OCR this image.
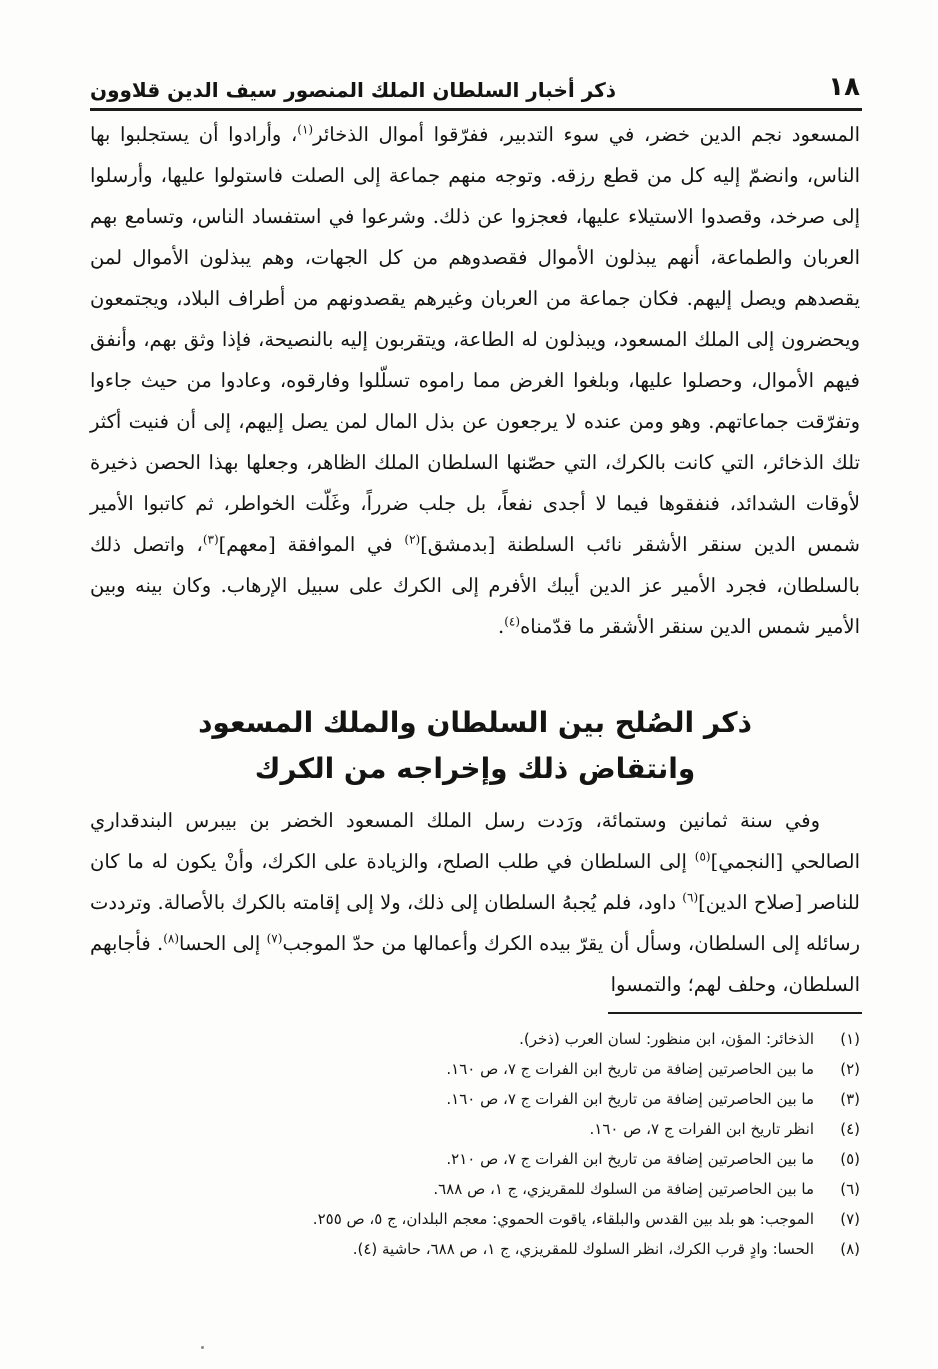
١٨
ذكر أخبار السلطان الملك المنصور سيف الدين قلاوون

المسعود نجم الدين خضر، في سوء التدبير، ففرّقوا أموال الذخائر$^{(١)}$، وأرادوا أن يستجلبوا بها الناس، وانضمّ إليه كل من قطع رزقه. وتوجه منهم جماعة إلى الصلت فاستولوا عليها، وأرسلوا إلى صرخد، وقصدوا الاستيلاء عليها، فعجزوا عن ذلك. وشرعوا في استفساد الناس، وتسامع بهم العربان والطماعة، أنهم يبذلون الأموال فقصدوهم من كل الجهات، وهم يبذلون الأموال لمن يقصدهم ويصل إليهم. فكان جماعة من العربان وغيرهم يقصدونهم من أطراف البلاد، ويجتمعون ويحضرون إلى الملك المسعود، ويبذلون له الطاعة، ويتقربون إليه بالنصيحة، فإذا وثق بهم، وأنفق فيهم الأموال، وحصلوا عليها، وبلغوا الغرض مما راموه تسلّلوا وفارقوه، وعادوا من حيث جاءوا وتفرّقت جماعاتهم. وهو ومن عنده لا يرجعون عن بذل المال لمن يصل إليهم، إلى أن فنيت أكثر تلك الذخائر، التي كانت بالكرك، التي حصّنها السلطان الملك الظاهر، وجعلها بهذا الحصن ذخيرة لأوقات الشدائد، فنفقوها فيما لا أجدى نفعاً، بل جلب ضرراً، وغَلّت الخواطر، ثم كاتبوا الأمير شمس الدين سنقر الأشقر نائب السلطنة [بدمشق]$^{(٢)}$ في الموافقة [معهم]$^{(٣)}$، واتصل ذلك بالسلطان، فجرد الأمير عز الدين أيبك الأفرم إلى الكرك على سبيل الإرهاب. وكان بينه وبين الأمير شمس الدين سنقر الأشقر ما قدّمناه$^{(٤)}$.

ذكر الصُلح بين السلطان والملك المسعود
وانتقاض ذلك وإخراجه من الكرك

وفي سنة ثمانين وستمائة، ورَدت رسل الملك المسعود الخضر بن بيبرس البندقداري الصالحي [النجمي]$^{(٥)}$ إلى السلطان في طلب الصلح، والزيادة على الكرك، وأنْ يكون له ما كان للناصر [صلاح الدين]$^{(٦)}$ داود، فلم يُجبهُ السلطان إلى ذلك، ولا إلى إقامته بالكرك بالأصالة. وترددت رسائله إلى السلطان، وسأل أن يقرّ بيده الكرك وأعمالها من حدّ الموجب$^{(٧)}$ إلى الحسا$^{(٨)}$. فأجابهم السلطان، وحلف لهم؛ والتمسوا

(١)
الذخائر: المؤن، ابن منظور: لسان العرب (ذخر).
(٢)
ما بين الحاصرتين إضافة من تاريخ ابن الفرات ج ٧، ص ١٦٠.
(٣)
ما بين الحاصرتين إضافة من تاريخ ابن الفرات ج ٧، ص ١٦٠.
(٤)
انظر تاريخ ابن الفرات ج ٧، ص ١٦٠.
(٥)
ما بين الحاصرتين إضافة من تاريخ ابن الفرات ج ٧، ص ٢١٠.
(٦)
ما بين الحاصرتين إضافة من السلوك للمقريزي، ج ١، ص ٦٨٨.
(٧)
الموجب: هو بلد بين القدس والبلقاء، ياقوت الحموي: معجم البلدان، ج ٥، ص ٢٥٥.
(٨)
الحسا: وادٍ قرب الكرك، انظر السلوك للمقريزي، ج ١، ص ٦٨٨، حاشية (٤).
